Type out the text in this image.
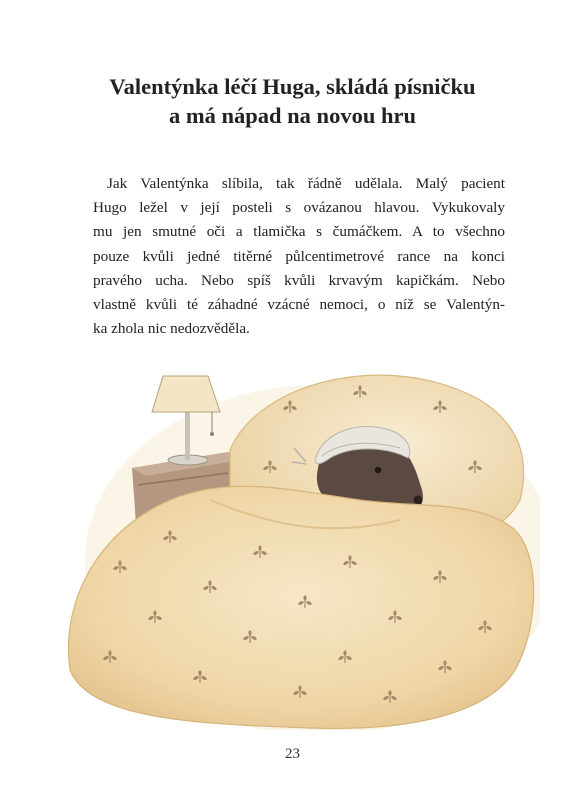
Valentýnka léčí Huga, skládá písničku
a má nápad na novou hru
Jak Valentýnka slíbila, tak řádně udělala. Malý pacient
Hugo ležel v její posteli s ovázanou hlavou. Vykukovaly
mu jen smutné oči a tlamička s čumáčkem. A to všechno
pouze kvůli jedné titěrné půlcentimetrové rance na konci
pravého ucha. Nebo spíš kvůli krvavým kapičkám. Nebo
vlastně kvůli té záhadné vzácné nemoci, o níž se Valentýn-
ka zhola nic nedozvěděla.
23
